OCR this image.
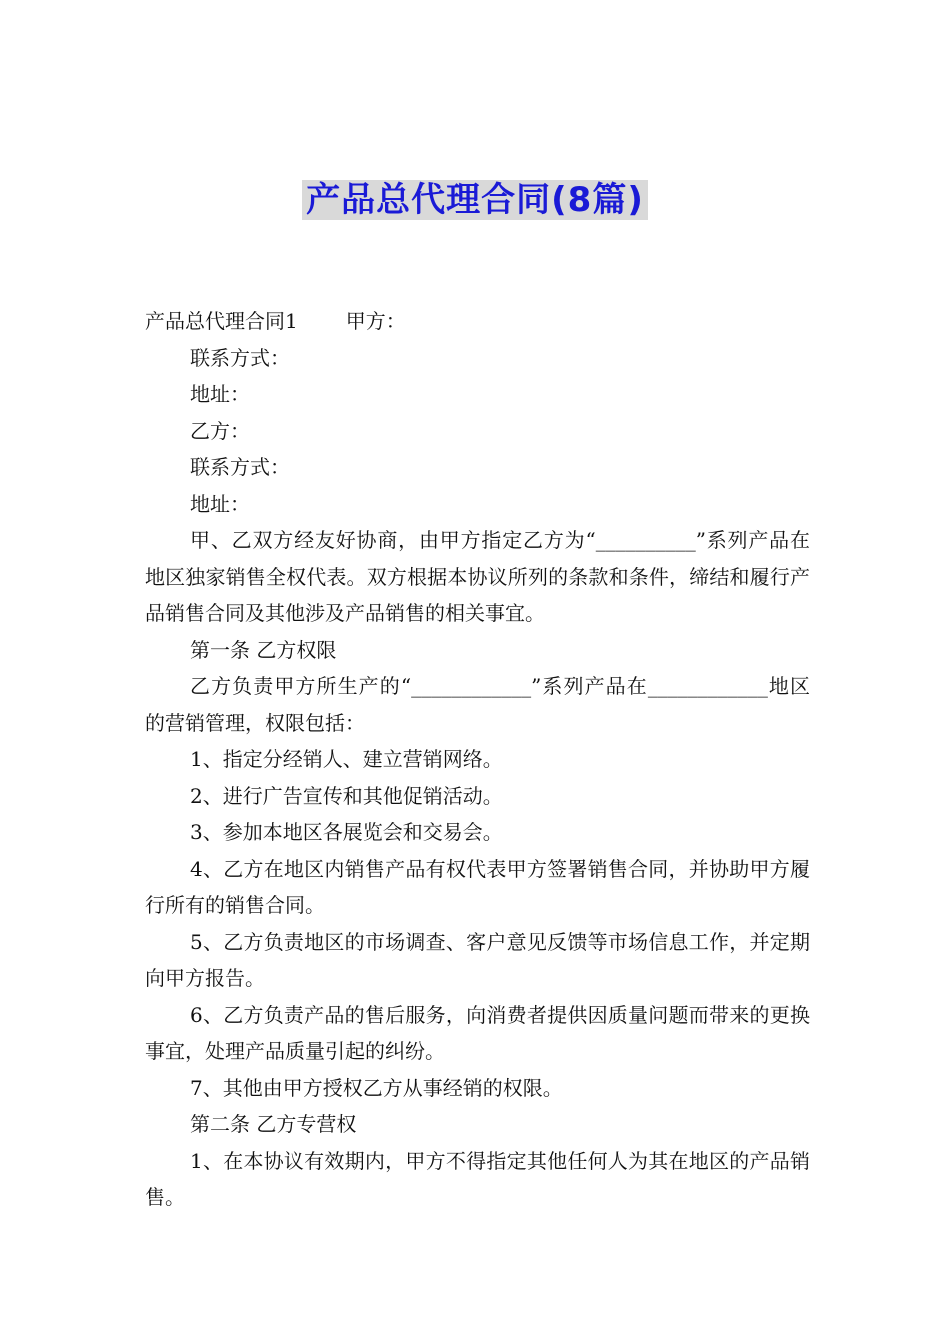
产品总代理合同(8篇)

产品总代理合同1 甲方：

联系方式：

地址：

乙方：

联系方式：

地址：

甲、乙双方经友好协商，由甲方指定乙方为“__________”系列产品在地区独家销售全权代表。双方根据本协议所列的条款和条件，缔结和履行产品销售合同及其他涉及产品销售的相关事宜。

第一条 乙方权限

乙方负责甲方所生产的“____________”系列产品在____________地区的营销管理，权限包括：

1、指定分经销人、建立营销网络。

2、进行广告宣传和其他促销活动。

3、参加本地区各展览会和交易会。

4、乙方在地区内销售产品有权代表甲方签署销售合同，并协助甲方履行所有的销售合同。

5、乙方负责地区的市场调查、客户意见反馈等市场信息工作，并定期向甲方报告。

6、乙方负责产品的售后服务，向消费者提供因质量问题而带来的更换事宜，处理产品质量引起的纠纷。

7、其他由甲方授权乙方从事经销的权限。

第二条 乙方专营权

1、在本协议有效期内，甲方不得指定其他任何人为其在地区的产品销售。
